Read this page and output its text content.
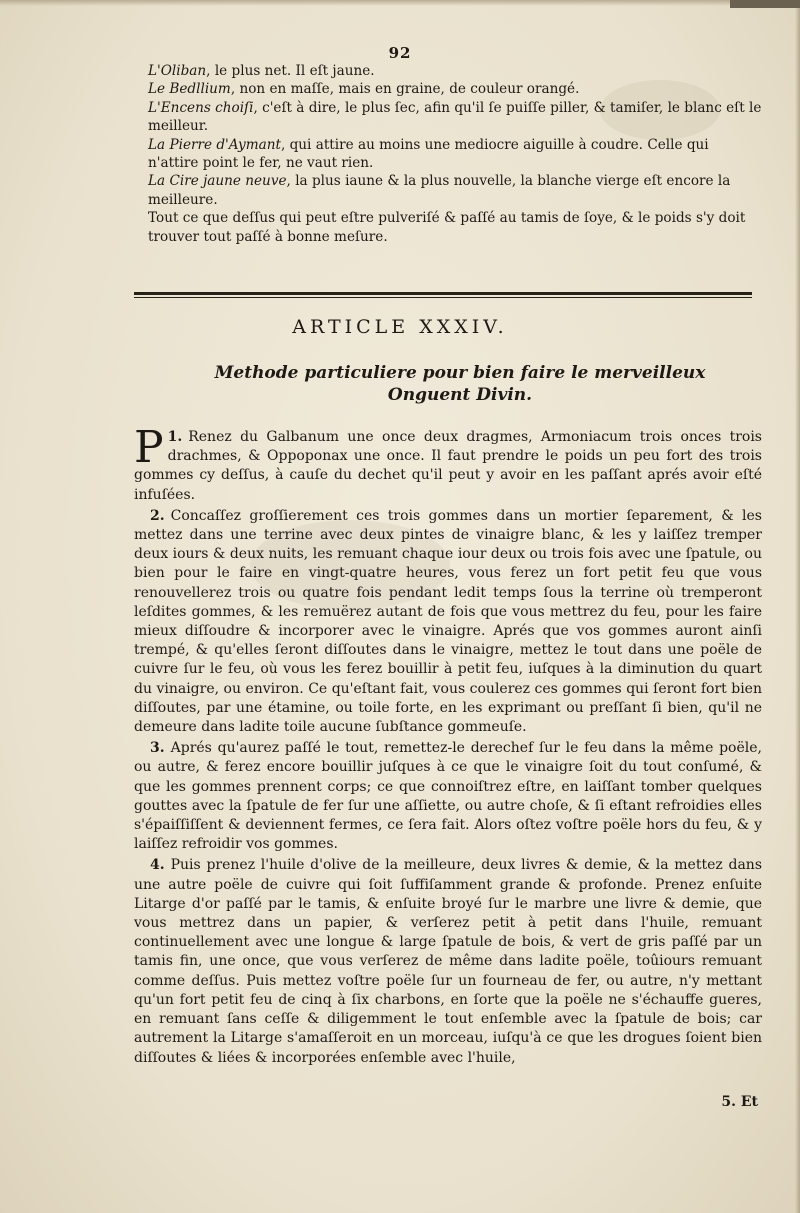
92

L'Oliban, le plus net. Il eſt jaune.

Le Bedllium, non en maſſe, mais en graine, de couleur orangé.

L'Encens choiſi, c'eſt à dire, le plus ſec, afin qu'il ſe puiſſe piller, & tamiſer, le blanc eſt le meilleur.

La Pierre d'Aymant, qui attire au moins une mediocre aiguille à coudre. Celle qui n'attire point le fer, ne vaut rien.

La Cire jaune neuve, la plus iaune & la plus nouvelle, la blanche vierge eſt encore la meilleure.

Tout ce que deſſus qui peut eſtre pulveriſé & paſſé au tamis de ſoye, & le poids s'y doit trouver tout paſſé à bonne meſure.

ARTICLE XXXIV.
Methode particuliere pour bien faire le merveilleux
Onguent Divin.

1.
P Renez du Galbanum une once deux dragmes, Armoniacum trois onces trois drachmes, & Oppoponax une once. Il faut prendre le poids un peu fort des trois gommes cy deſſus, à cauſe du dechet qu'il peut y avoir en les paſſant aprés avoir eſté infuſées.

2. Concaſſez groſſierement ces trois gommes dans un mortier ſeparement, & les mettez dans une terrine avec deux pintes de vinaigre blanc, & les y laiſſez tremper deux iours & deux nuits, les remuant chaque iour deux ou trois fois avec une ſpatule, ou bien pour le faire en vingt-quatre heures, vous ferez un fort petit feu que vous renouvellerez trois ou quatre fois pendant ledit temps ſous la terrine où tremperont leſdites gommes, & les remuërez autant de fois que vous mettrez du feu, pour les faire mieux diſſoudre & incorporer avec le vinaigre. Aprés que vos gommes auront ainſi trempé, & qu'elles ſeront diſſoutes dans le vinaigre, mettez le tout dans une poële de cuivre ſur le feu, où vous les ferez bouillir à petit feu, iuſques à la diminution du quart du vinaigre, ou environ. Ce qu'eſtant fait, vous coulerez ces gommes qui ſeront fort bien diſſoutes, par une étamine, ou toile forte, en les exprimant ou preſſant ſi bien, qu'il ne demeure dans ladite toile aucune ſubſtance gommeuſe.

3. Aprés qu'aurez paſſé le tout, remettez-le derechef ſur le feu dans la même poële, ou autre, & ferez encore bouillir juſques à ce que le vinaigre ſoit du tout conſumé, & que les gommes prennent corps; ce que connoiſtrez eſtre, en laiſſant tomber quelques gouttes avec la ſpatule de fer ſur une aſſiette, ou autre choſe, & ſi eſtant refroidies elles s'épaiſſiſſent & deviennent fermes, ce ſera fait. Alors oſtez voſtre poële hors du feu, & y laiſſez refroidir vos gommes.

4. Puis prenez l'huile d'olive de la meilleure, deux livres & demie, & la mettez dans une autre poële de cuivre qui ſoit ſuffiſamment grande & profonde. Prenez enſuite Litarge d'or paſſé par le tamis, & enſuite broyé ſur le marbre une livre & demie, que vous mettrez dans un papier, & verſerez petit à petit dans l'huile, remuant continuellement avec une longue & large ſpatule de bois, & vert de gris paſſé par un tamis fin, une once, que vous verſerez de même dans ladite poële, toûiours remuant comme deſſus. Puis mettez voſtre poële ſur un fourneau de fer, ou autre, n'y mettant qu'un fort petit feu de cinq à ſix charbons, en ſorte que la poële ne s'échauffe gueres, en remuant ſans ceſſe & diligemment le tout enſemble avec la ſpatule de bois; car autrement la Litarge s'amaſſeroit en un morceau, iuſqu'à ce que les drogues ſoient bien diſſoutes & liées & incorporées enſemble avec l'huile,

5. Et
